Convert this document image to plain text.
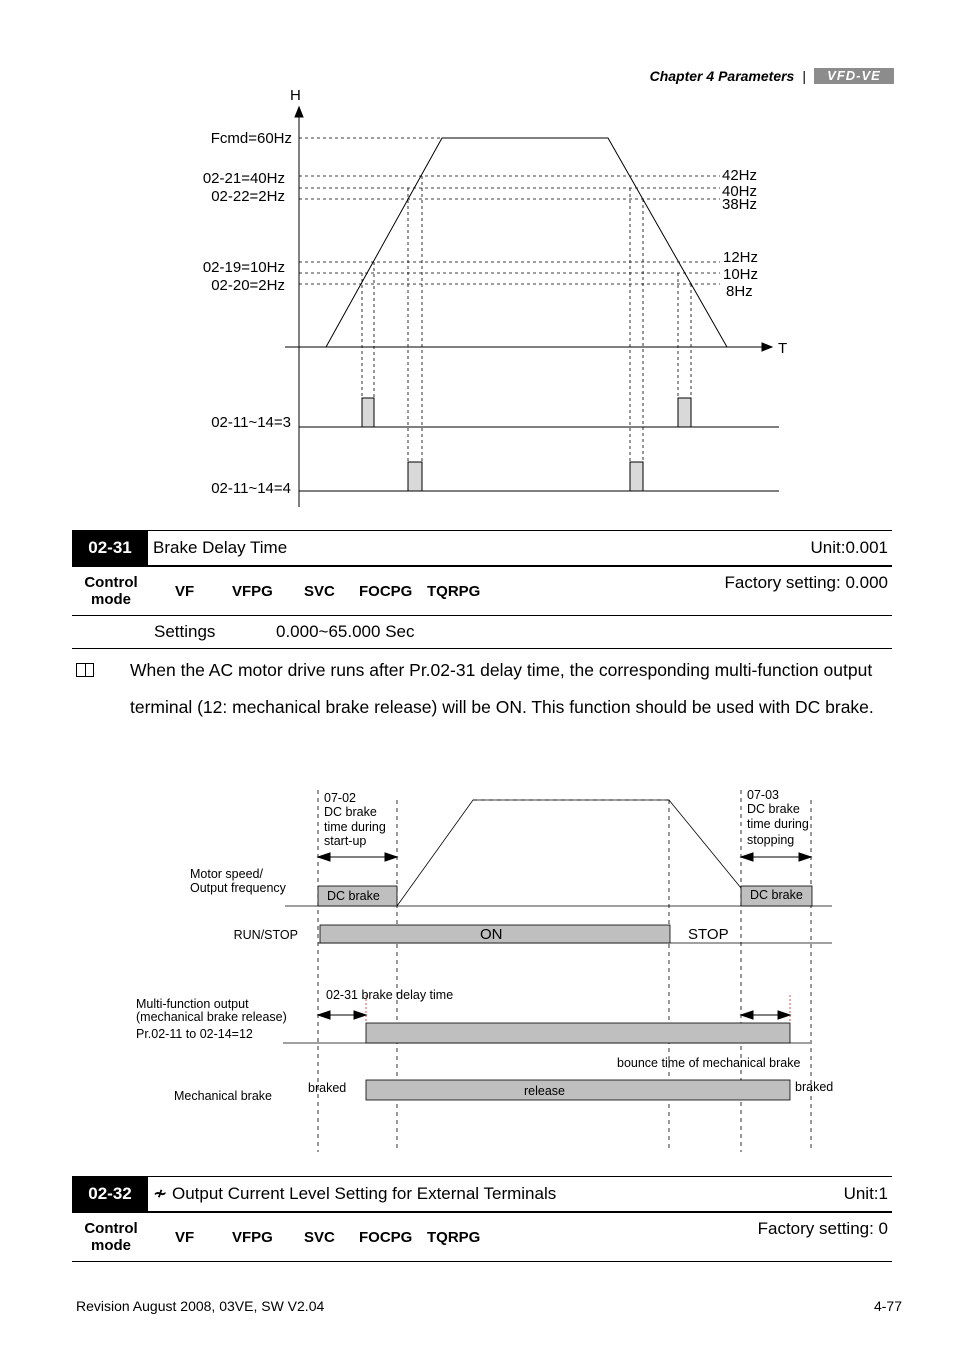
Chapter 4 Parameters |	VFD-VE
H
T
Fcmd=60Hz
02-21=40Hz
02-22=2Hz
02-19=10Hz
02-20=2Hz
42Hz
40Hz
38Hz
12Hz
10Hz
8Hz
02-11~14=3
02-11~14=4
02-31	Brake Delay Time	Unit:0.001
Control mode	VF	VFPG SVC FOCPG TQRPG	Factory setting: 0.000
Settings	0.000~65.000 Sec
When the AC motor drive runs after Pr.02-31 delay time, the corresponding multi-function output terminal (12: mechanical brake release) will be ON. This function should be used with DC brake.
07-02
DC brake
time during
start-up
07-03
DC brake
time during
stopping
Motor speed/
Output frequency
DC brake	DC brake
RUN/STOP
02-31 brake delay time
Multi-function output
(mechanical brake release)
Pr.02-11 to 02-14=12
bounce time of mechanical brake
Mechanical brake
braked	release	braked
ON	STOP
02-32	≁ Output Current Level Setting for External Terminals	Unit:1
Control mode	VF	VFPG SVC FOCPG TQRPG	Factory setting: 0
Revision August 2008, 03VE, SW V2.04	4-77
